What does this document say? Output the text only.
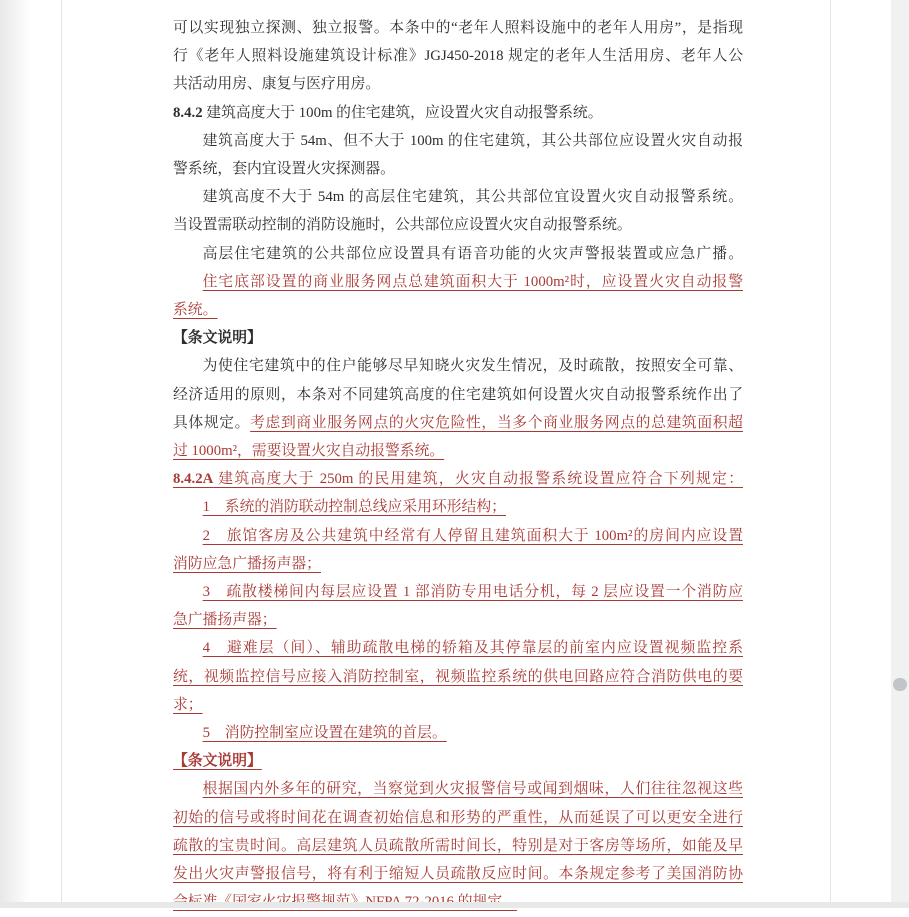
可以实现独立探测、独立报警。本条中的“老年人照料设施中的老年人用房”，是指现
行《老年人照料设施建筑设计标准》JGJ450-2018 规定的老年人生活用房、老年人公
共活动用房、康复与医疗用房。
8.4.2 建筑高度大于 100m 的住宅建筑，应设置火灾自动报警系统。
建筑高度大于 54m、但不大于 100m 的住宅建筑，其公共部位应设置火灾自动报
警系统，套内宜设置火灾探测器。
建筑高度不大于 54m 的高层住宅建筑，其公共部位宜设置火灾自动报警系统。
当设置需联动控制的消防设施时，公共部位应设置火灾自动报警系统。
高层住宅建筑的公共部位应设置具有语音功能的火灾声警报装置或应急广播。
住宅底部设置的商业服务网点总建筑面积大于 1000m²时，应设置火灾自动报警
系统。
【条文说明】
为使住宅建筑中的住户能够尽早知晓火灾发生情况，及时疏散，按照安全可靠、
经济适用的原则，本条对不同建筑高度的住宅建筑如何设置火灾自动报警系统作出了
具体规定。考虑到商业服务网点的火灾危险性，当多个商业服务网点的总建筑面积超
过 1000m²，需要设置火灾自动报警系统。
8.4.2A 建筑高度大于 250m 的民用建筑，火灾自动报警系统设置应符合下列规定：
1　系统的消防联动控制总线应采用环形结构；
2　旅馆客房及公共建筑中经常有人停留且建筑面积大于 100m²的房间内应设置
消防应急广播扬声器；
3　疏散楼梯间内每层应设置 1 部消防专用电话分机，每 2 层应设置一个消防应
急广播扬声器；
4　避难层（间）、辅助疏散电梯的轿箱及其停靠层的前室内应设置视频监控系
统，视频监控信号应接入消防控制室，视频监控系统的供电回路应符合消防供电的要
求；
5　消防控制室应设置在建筑的首层。
【条文说明】
根据国内外多年的研究，当察觉到火灾报警信号或闻到烟味，人们往往忽视这些
初始的信号或将时间花在调查初始信息和形势的严重性，从而延误了可以更安全进行
疏散的宝贵时间。高层建筑人员疏散所需时间长，特别是对于客房等场所，如能及早
发出火灾声警报信号，将有利于缩短人员疏散反应时间。本条规定参考了美国消防协
